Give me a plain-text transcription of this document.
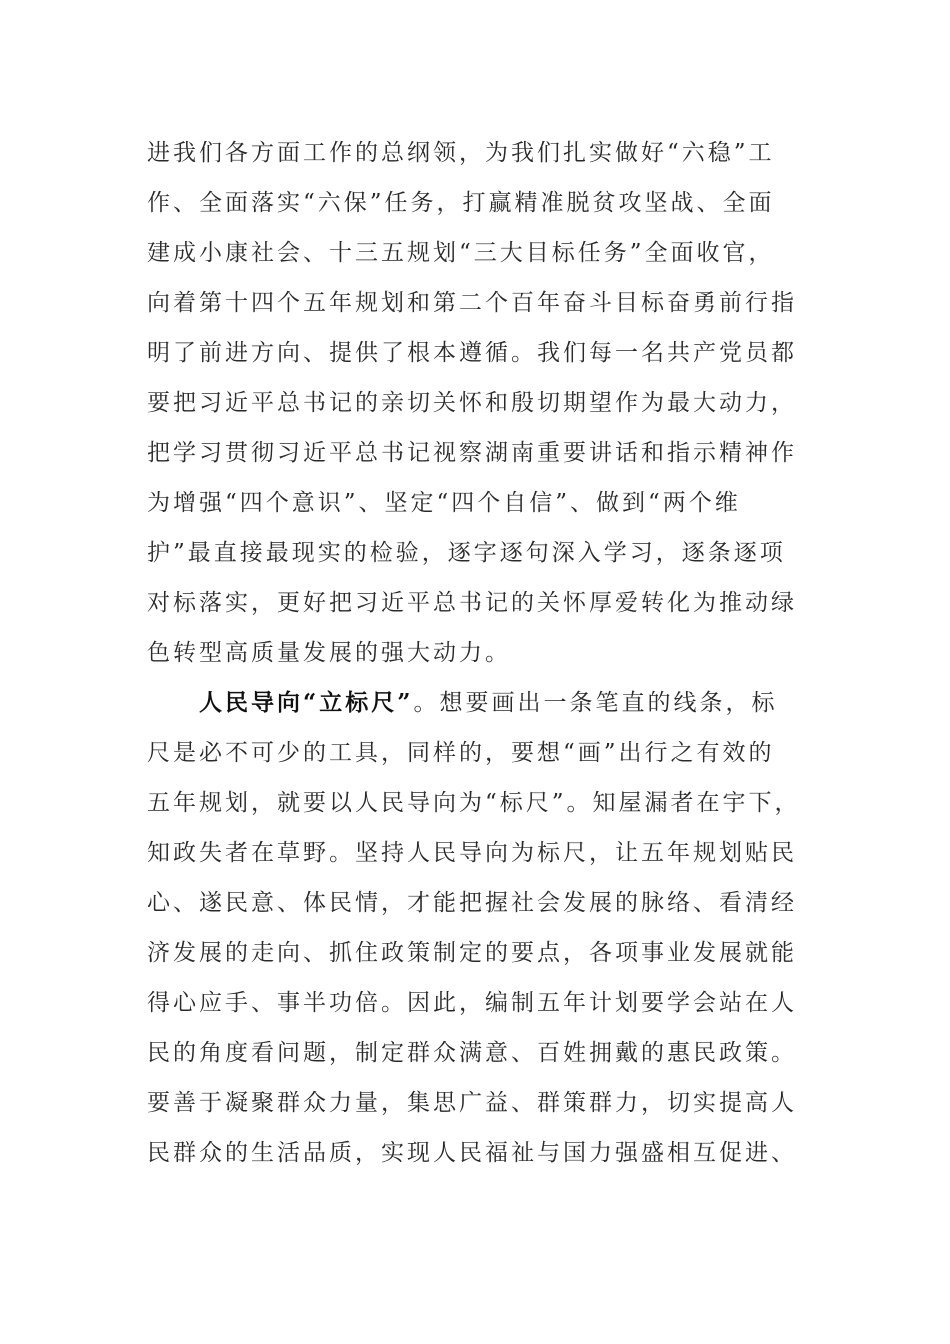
进我们各方面工作的总纲领，为我们扎实做好“六稳”工
作、全面落实“六保”任务，打赢精准脱贫攻坚战、全面
建成小康社会、十三五规划“三大目标任务”全面收官，
向着第十四个五年规划和第二个百年奋斗目标奋勇前行指
明了前进方向、提供了根本遵循。我们每一名共产党员都
要把习近平总书记的亲切关怀和殷切期望作为最大动力，
把学习贯彻习近平总书记视察湖南重要讲话和指示精神作
为增强“四个意识”、坚定“四个自信”、做到“两个维
护”最直接最现实的检验，逐字逐句深入学习，逐条逐项
对标落实，更好把习近平总书记的关怀厚爱转化为推动绿
色转型高质量发展的强大动力。
人民导向“立标尺”。想要画出一条笔直的线条，标
尺是必不可少的工具，同样的，要想“画”出行之有效的
五年规划，就要以人民导向为“标尺”。知屋漏者在宇下，
知政失者在草野。坚持人民导向为标尺，让五年规划贴民
心、遂民意、体民情，才能把握社会发展的脉络、看清经
济发展的走向、抓住政策制定的要点，各项事业发展就能
得心应手、事半功倍。因此，编制五年计划要学会站在人
民的角度看问题，制定群众满意、百姓拥戴的惠民政策。
要善于凝聚群众力量，集思广益、群策群力，切实提高人
民群众的生活品质，实现人民福祉与国力强盛相互促进、
